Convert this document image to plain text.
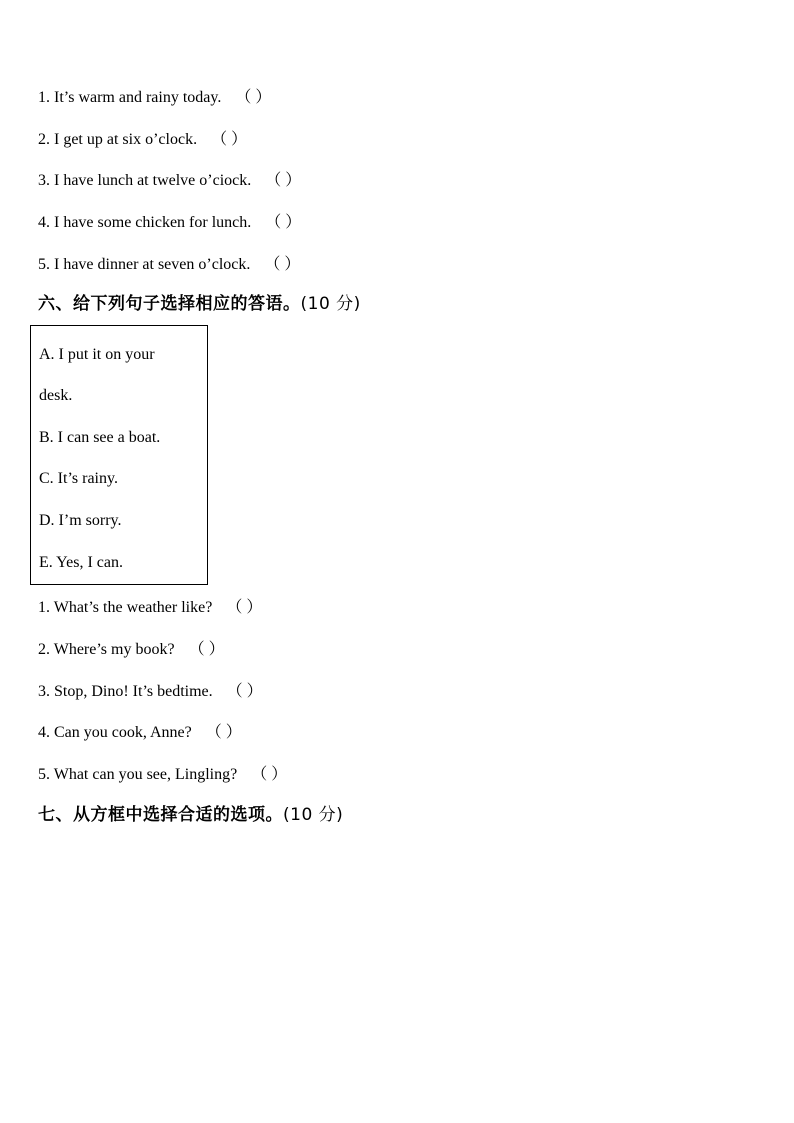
1. It’s warm and rainy today. （ ）
2. I get up at six o’clock. （ ）
3. I have lunch at twelve o’ciock. （ ）
4. I have some chicken for lunch. （ ）
5. I have dinner at seven o’clock. （ ）
六、给下列句子选择相应的答语。(10 分)
A. I put it on your
desk.
B. I can see a boat.
C. It’s rainy.
D. I’m sorry.
E. Yes, I can.
1. What’s the weather like? （ ）
2. Where’s my book? （ ）
3. Stop, Dino! It’s bedtime. （ ）
4. Can you cook, Anne? （ ）
5. What can you see, Lingling? （ ）
七、从方框中选择合适的选项。(10 分)
